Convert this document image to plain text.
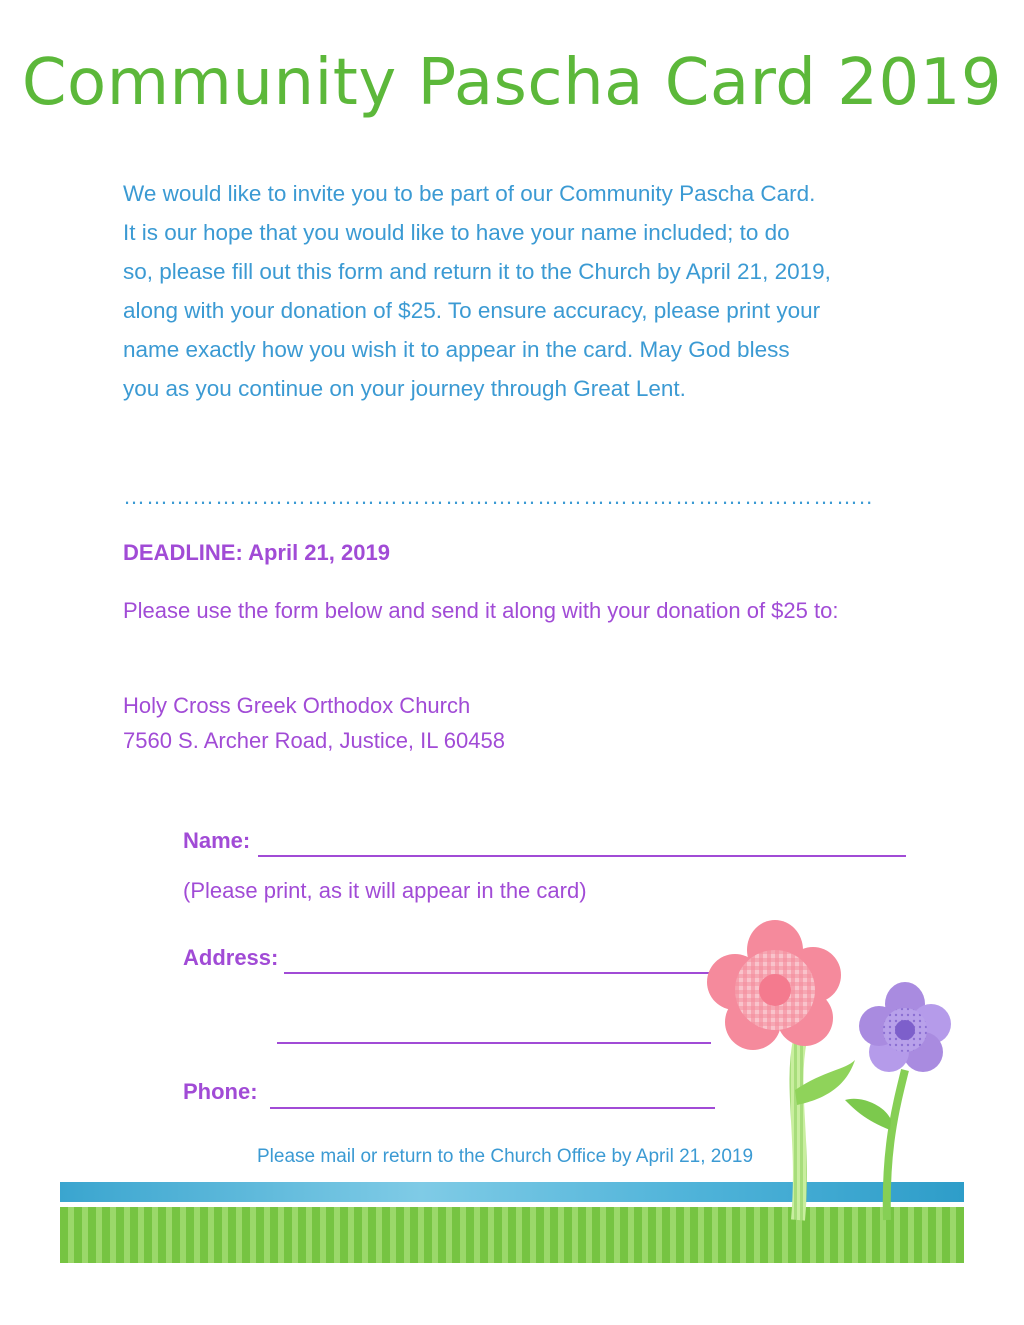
Community Pascha Card 2019
We would like to invite you to be part of our Community Pascha Card.
It is our hope that you would like to have your name included; to do
so, please fill out this form and return it to the Church by April 21, 2019,
along with your donation of $25. To ensure accuracy, please print your
name exactly how you wish it to appear in the card. May God bless
you as you continue on your journey through Great Lent.
……………………………………………………………………………………..
DEADLINE: April 21, 2019

Please use the form below and send it along with your donation of $25 to:

Holy Cross Greek Orthodox Church
7560 S. Archer Road, Justice, IL 60458
Name:
(Please print, as it will appear in the card)
Address:
Phone:
Please mail or return to the Church Office by April 21, 2019
